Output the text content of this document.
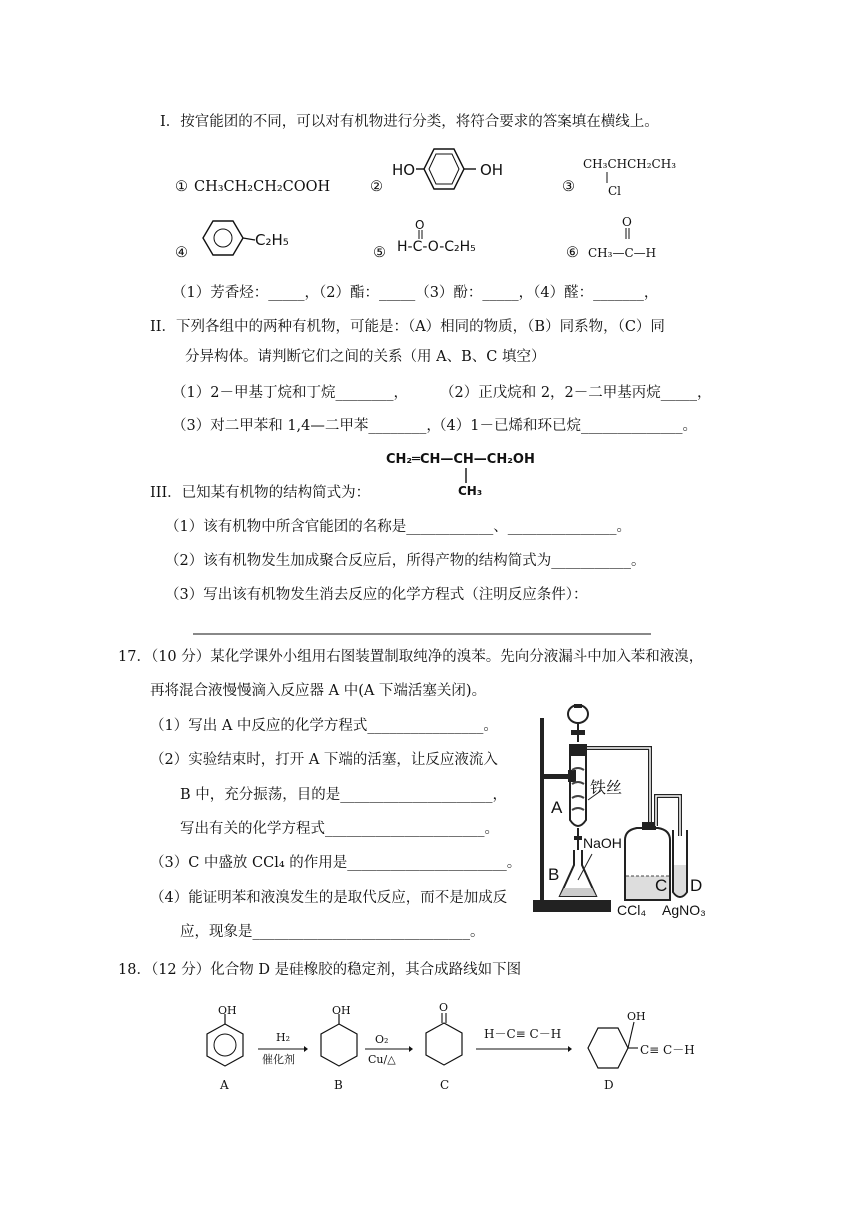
I．按官能团的不同，可以对有机物进行分类，将符合要求的答案填在横线上。
① CH₃CH₂CH₂COOH	②
HO	OH
③
CH₃CHCH₂CH₃
Cl
④
C₂H₅
⑤
O
H-C-O-C₂H₅	⑥
O
CH₃—C—H
（1）芳香烃：_____，（2）酯：_____（3）酚：_____，（4）醛：_______，
II．下列各组中的两种有机物，可能是：（A）相同的物质，（B）同系物，（C）同
分异构体。请判断它们之间的关系（用 A、B、C 填空）
（1）2－甲基丁烷和丁烷________， （2）正戊烷和 2，2－二甲基丙烷_____，
（3）对二甲苯和 1,4—二甲苯________，
（4）1－已烯和环已烷______________。
CH₂═CH—CH—CH₂OH
CH₃
III．已知某有机物的结构简式为：
（1）该有机物中所含官能团的名称是____________、_______________。
（2）该有机物发生加成聚合反应后，所得产物的结构简式为___________。
（3）写出该有机物发生消去反应的化学方程式（注明反应条件）：
17．（10 分）某化学课外小组用右图装置制取纯净的溴苯。先向分液漏斗中加入苯和液溴，
再将混合液慢慢滴入反应器 A 中(A 下端活塞关闭)。
（1）写出 A 中反应的化学方程式________________。
（2）实验结束时，打开 A 下端的活塞，让反应液流入
B 中，充分振荡，目的是_____________________，
写出有关的化学方程式______________________。
（3）C 中盛放 CCl₄ 的作用是______________________。
（4）能证明苯和液溴发生的是取代反应，而不是加成反
应，现象是______________________________。
A
B
C D
铁丝
NaOH
CCl₄ AgNO₃
18．（12 分）化合物 D 是硅橡胶的稳定剂，其合成路线如下图
OH
A
H₂
催化剂
OH
B
O₂
Cu/△
O
C
H－C≡ C－H
OH
C≡ C－H
D
